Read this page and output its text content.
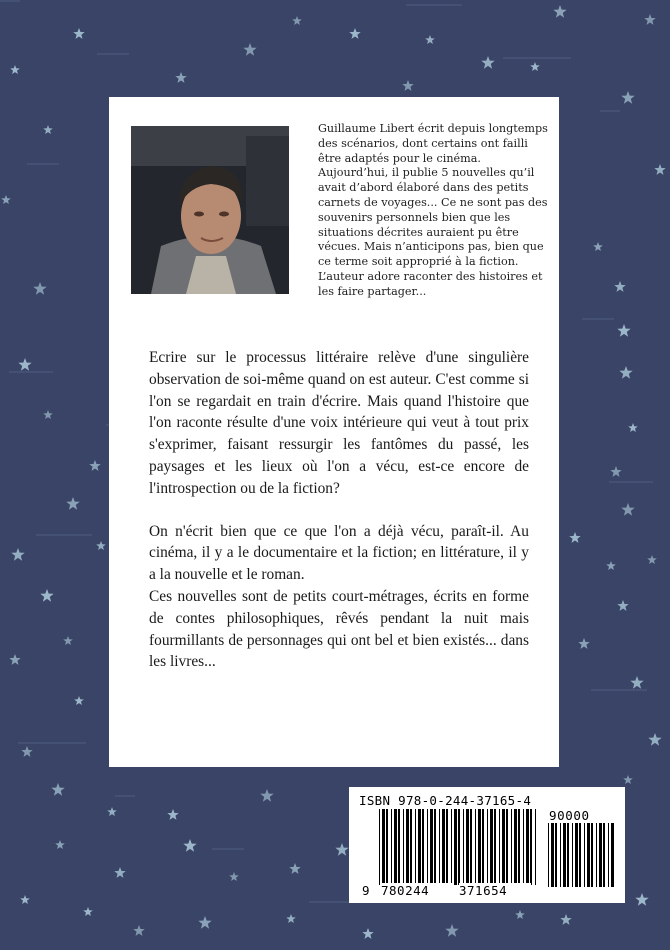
Guillaume Libert écrit depuis longtemps des scénarios, dont certains ont failli être adaptés pour le cinéma. Aujourd’hui, il publie 5 nouvelles qu’il avait d’abord élaboré dans des petits carnets de voyages... Ce ne sont pas des souvenirs personnels bien que les situations décrites auraient pu être vécues. Mais n’anticipons pas, bien que ce terme soit approprié à la fiction. L’auteur adore raconter des histoires et les faire partager...

Ecrire sur le processus littéraire relève d'une singulière observation de soi-même quand on est auteur. C'est comme si l'on se regardait en train d'écrire. Mais quand l'histoire que l'on raconte résulte d'une voix intérieure qui veut à tout prix s'exprimer, faisant ressurgir les fantômes du passé, les paysages et les lieux où l'on a vécu, est-ce encore de l'introspection ou de la fiction?

On n'écrit bien que ce que l'on a déjà vécu, paraît-il. Au cinéma, il y a le documentaire et la fiction; en littérature, il y a la nouvelle et le roman.

Ces nouvelles sont de petits court-métrages, écrits en forme de contes philosophiques, rêvés pendant la nuit mais fourmillants de personnages qui ont bel et bien existés... dans les livres...

ISBN 978-0-244-37165-4
90000
9 780244	371654
